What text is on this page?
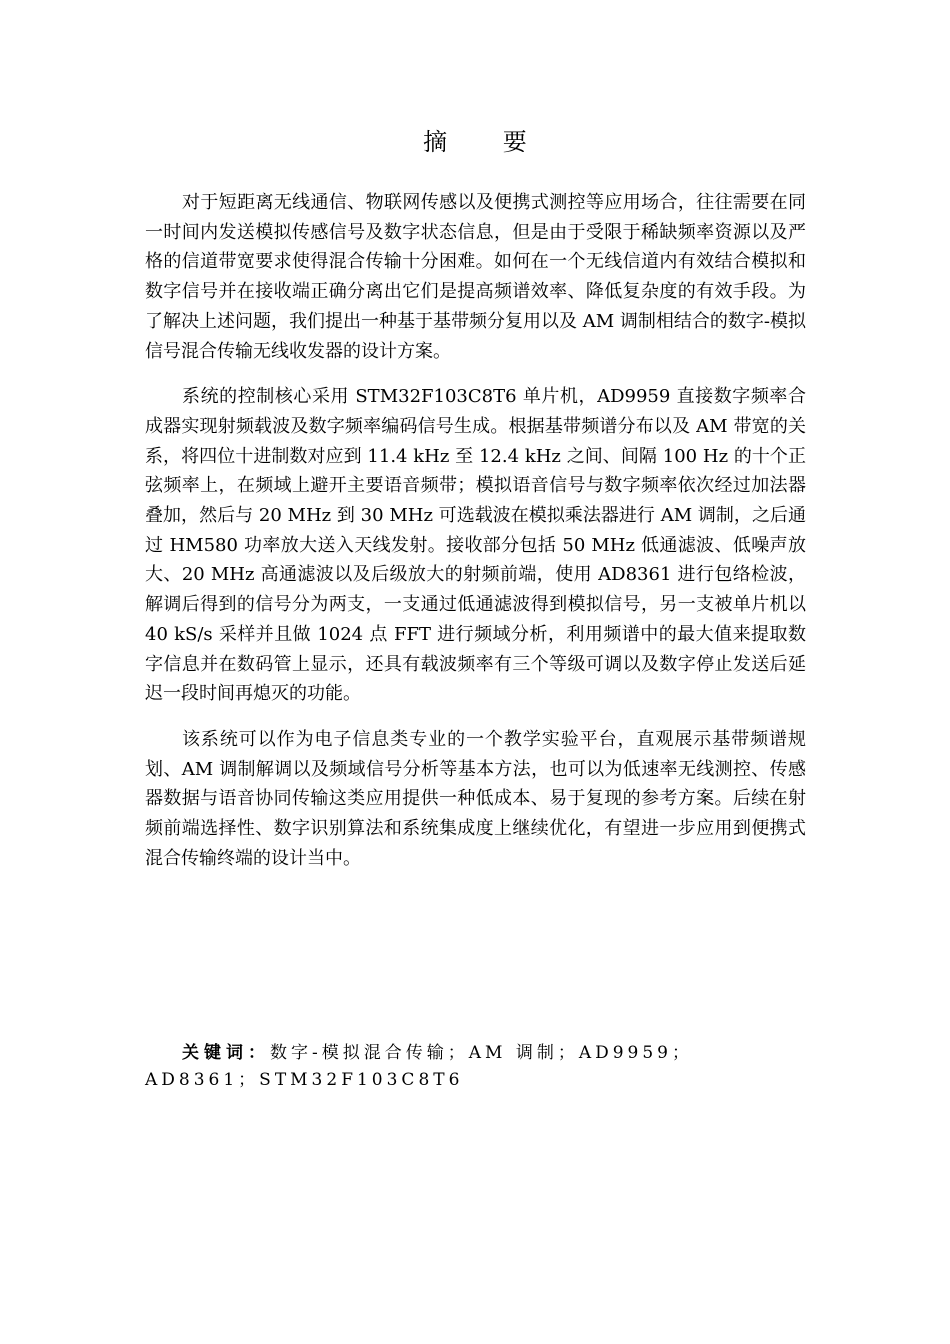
摘 要

对于短距离无线通信、物联网传感以及便携式测控等应用场合，往往需要在同一时间内发送模拟传感信号及数字状态信息，但是由于受限于稀缺频率资源以及严格的信道带宽要求使得混合传输十分困难。如何在一个无线信道内有效结合模拟和数字信号并在接收端正确分离出它们是提高频谱效率、降低复杂度的有效手段。为了解决上述问题，我们提出一种基于基带频分复用以及 AM 调制相结合的数字-模拟信号混合传输无线收发器的设计方案。

系统的控制核心采用 STM32F103C8T6 单片机，AD9959 直接数字频率合成器实现射频载波及数字频率编码信号生成。根据基带频谱分布以及 AM 带宽的关系，将四位十进制数对应到 11.4 kHz 至 12.4 kHz 之间、间隔 100 Hz 的十个正弦频率上，在频域上避开主要语音频带；模拟语音信号与数字频率依次经过加法器叠加，然后与 20 MHz 到 30 MHz 可选载波在模拟乘法器进行 AM 调制，之后通过 HM580 功率放大送入天线发射。接收部分包括 50 MHz 低通滤波、低噪声放大、20 MHz 高通滤波以及后级放大的射频前端，使用 AD8361 进行包络检波，解调后得到的信号分为两支，一支通过低通滤波得到模拟信号，另一支被单片机以 40 kS/s 采样并且做 1024 点 FFT 进行频域分析，利用频谱中的最大值来提取数字信息并在数码管上显示，还具有载波频率有三个等级可调以及数字停止发送后延迟一段时间再熄灭的功能。

该系统可以作为电子信息类专业的一个教学实验平台，直观展示基带频谱规划、AM 调制解调以及频域信号分析等基本方法，也可以为低速率无线测控、传感器数据与语音协同传输这类应用提供一种低成本、易于复现的参考方案。后续在射频前端选择性、数字识别算法和系统集成度上继续优化，有望进一步应用到便携式混合传输终端的设计当中。

关键词：数字-模拟混合传输；AM 调制；AD9959；AD8361；STM32F103C8T6
